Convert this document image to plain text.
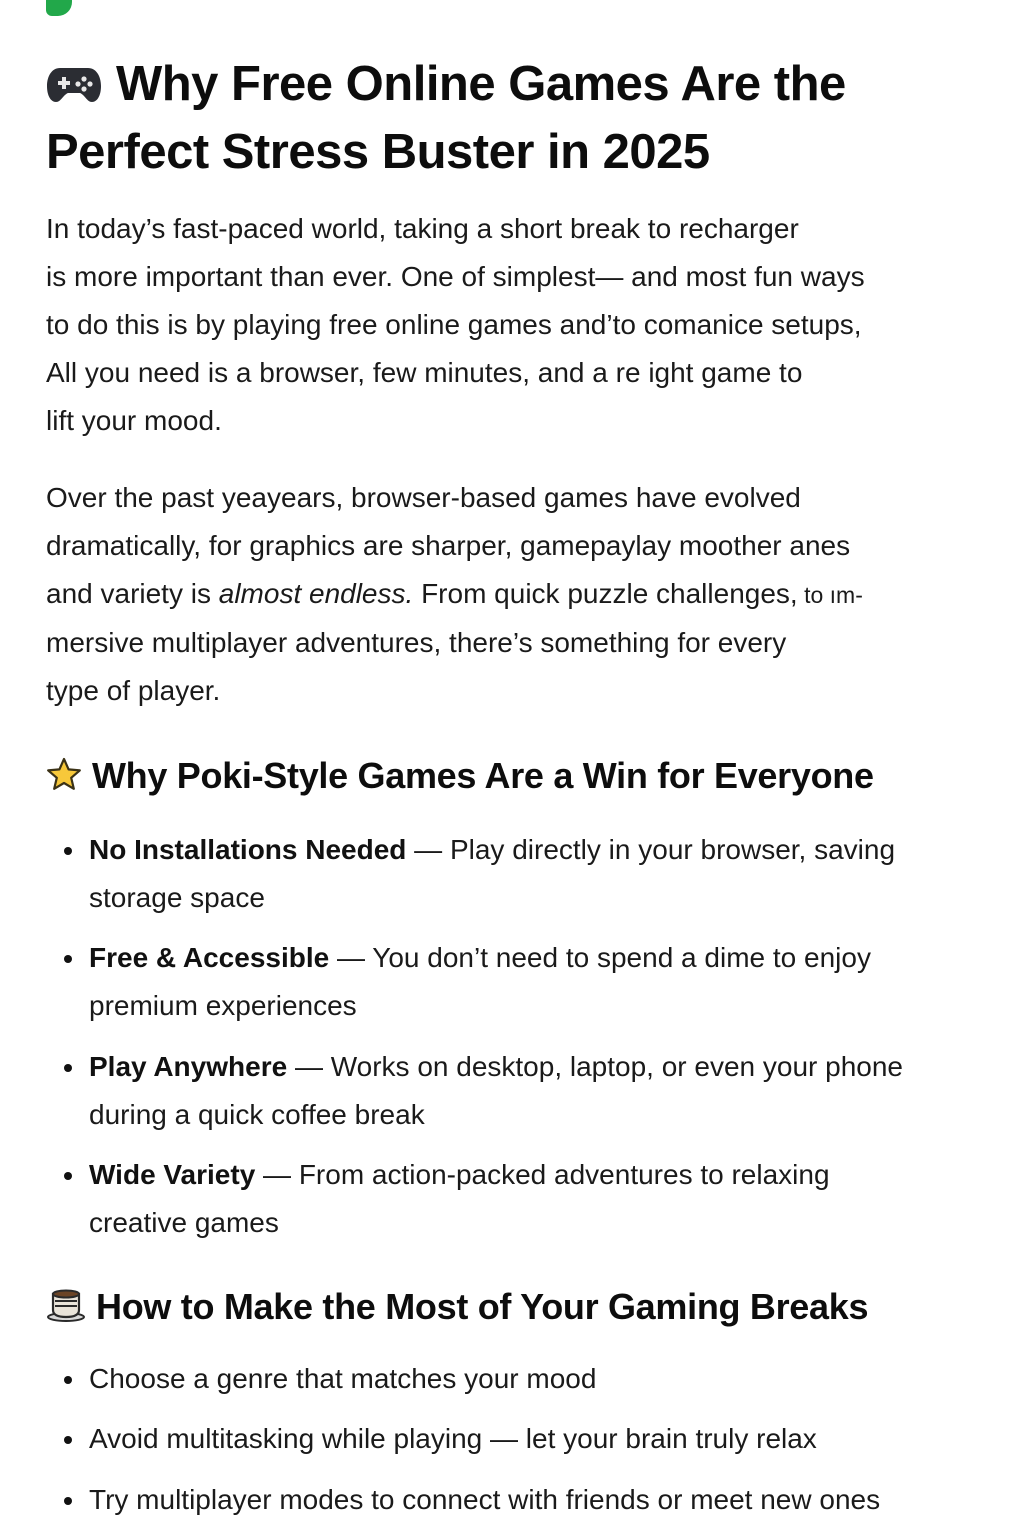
Why Free Online Games Are the
Perfect Stress Buster in 2025

In today’s fast-paced world, taking a short break to recharger
is more important than ever. One of simplest— and most fun ways
to do this is by playing free online games and’to comanice setups,
All you need is a browser, few minutes, and a re ight game to
lift your mood.

Over the past yeaуears, browser-based games have evolved
dramatically, for graphics are sharper, gamepaylay moother anes
and variety is almost endless. From quick puzzle challenges, to ım-
mersive multiplayer adventures, there’s something for every
type of player.

Why Poki-Style Games Are a Win for Everyone
No Installations Needed — Play directly in your browser, saving
storage space
Free & Accessible — You don’t need to spend a dime to enjoy
premium experiences
Play Anywhere — Works on desktop, laptop, or even your phone
during a quick coffee break
Wide Variety — From action-packed adventures to relaxing
creative games
How to Make the Most of Your Gaming Breaks
Choose a genre that matches your mood
Avoid multitasking while playing — let your brain truly relax
Try multiplayer modes to connect with friends or meet new ones
